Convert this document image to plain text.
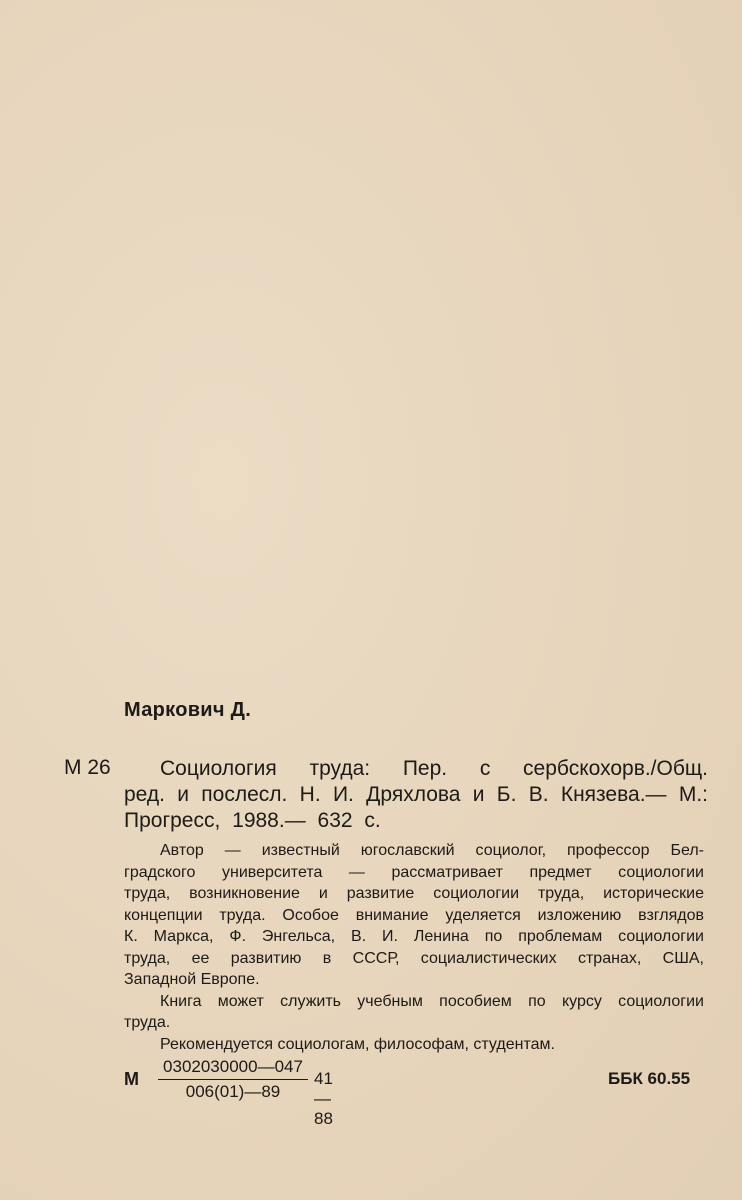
Маркович Д.
М 26	Социология труда: Пер. с сербскохорв./Общ.
ред. и послесл. Н. И. Дряхлова и Б. В. Князева.— М.:
Прогресс, 1988.— 632 с.
Автор — известный югославский социолог, профессор Бел-
градского университета — рассматривает предмет социологии
труда, возникновение и развитие социологии труда, исторические
концепции труда. Особое внимание уделяется изложению взглядов
К. Маркса, Ф. Энгельса, В. И. Ленина по проблемам социологии
труда, ее развитию в СССР, социалистических странах, США,
Западной Европе.
Книга может служить учебным пособием по курсу социологии
труда.
Рекомендуется социологам, философам, студентам.
М
0302030000—047
006(01)—89
41—88
ББК 60.55
